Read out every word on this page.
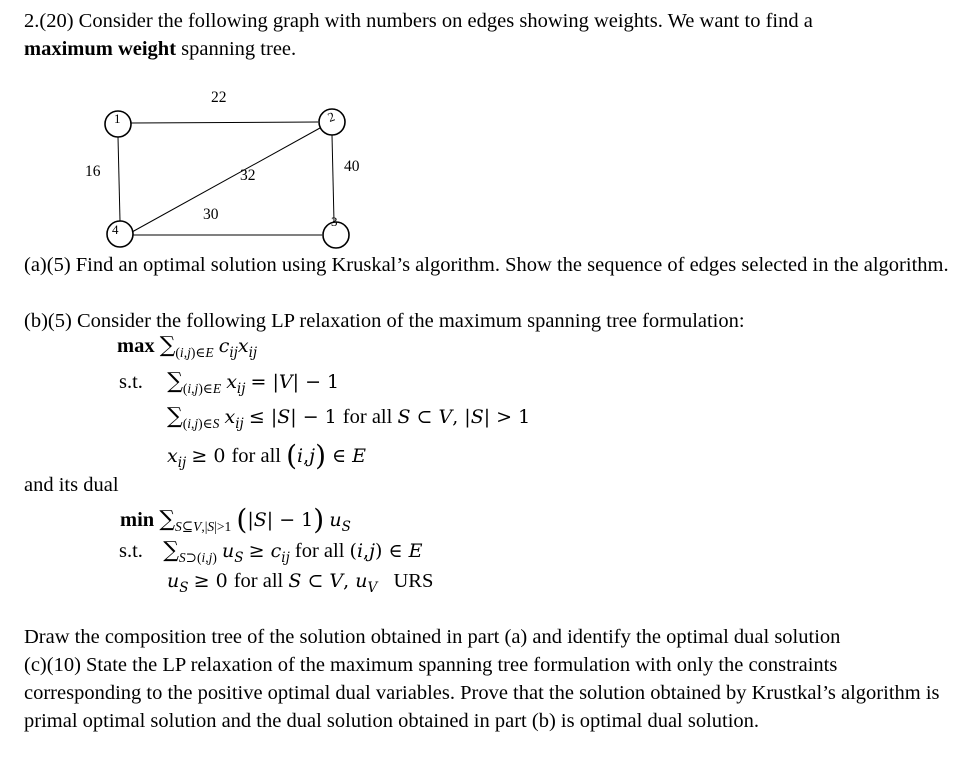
2.(20) Consider the following graph with numbers on edges showing weights. We want to find a
maximum weight spanning tree.
1	2
3
4
22
16	32
40
30
(a)(5) Find an optimal solution using Kruskal’s algorithm. Show the sequence of edges selected in the algorithm.
(b)(5) Consider the following LP relaxation of the maximum spanning tree formulation:
$\max \sum_{(i,j)\in E}$ $c_{ij}x_{ij}$
s.t. $\sum_{(i,j)\in E}$ $x_{ij} = |V| - 1$
$\sum_{(i,j)\in S}$ $x_{ij} \le |S| - 1$ for all S ⊂ V, |S| > 1
$x_{ij} \ge 0$ for all (i,j) ∈ E
and its dual
$\min \sum_{S⊆V,|S|>1}$ (|S| − 1) $u_S$
s.t. $\sum_{S⊃(i,j)}$ $u_S \ge c_{ij}$ for all (i,j) ∈ E
$u_S \ge 0$ for all S ⊂ V, $u_V$ URS
Draw the composition tree of the solution obtained in part (a) and identify the optimal dual solution
(c)(10) State the LP relaxation of the maximum spanning tree formulation with only the constraints corresponding to the positive optimal dual variables. Prove that the solution obtained by Krustkal’s algorithm is primal optimal solution and the dual solution obtained in part (b) is optimal dual solution.
